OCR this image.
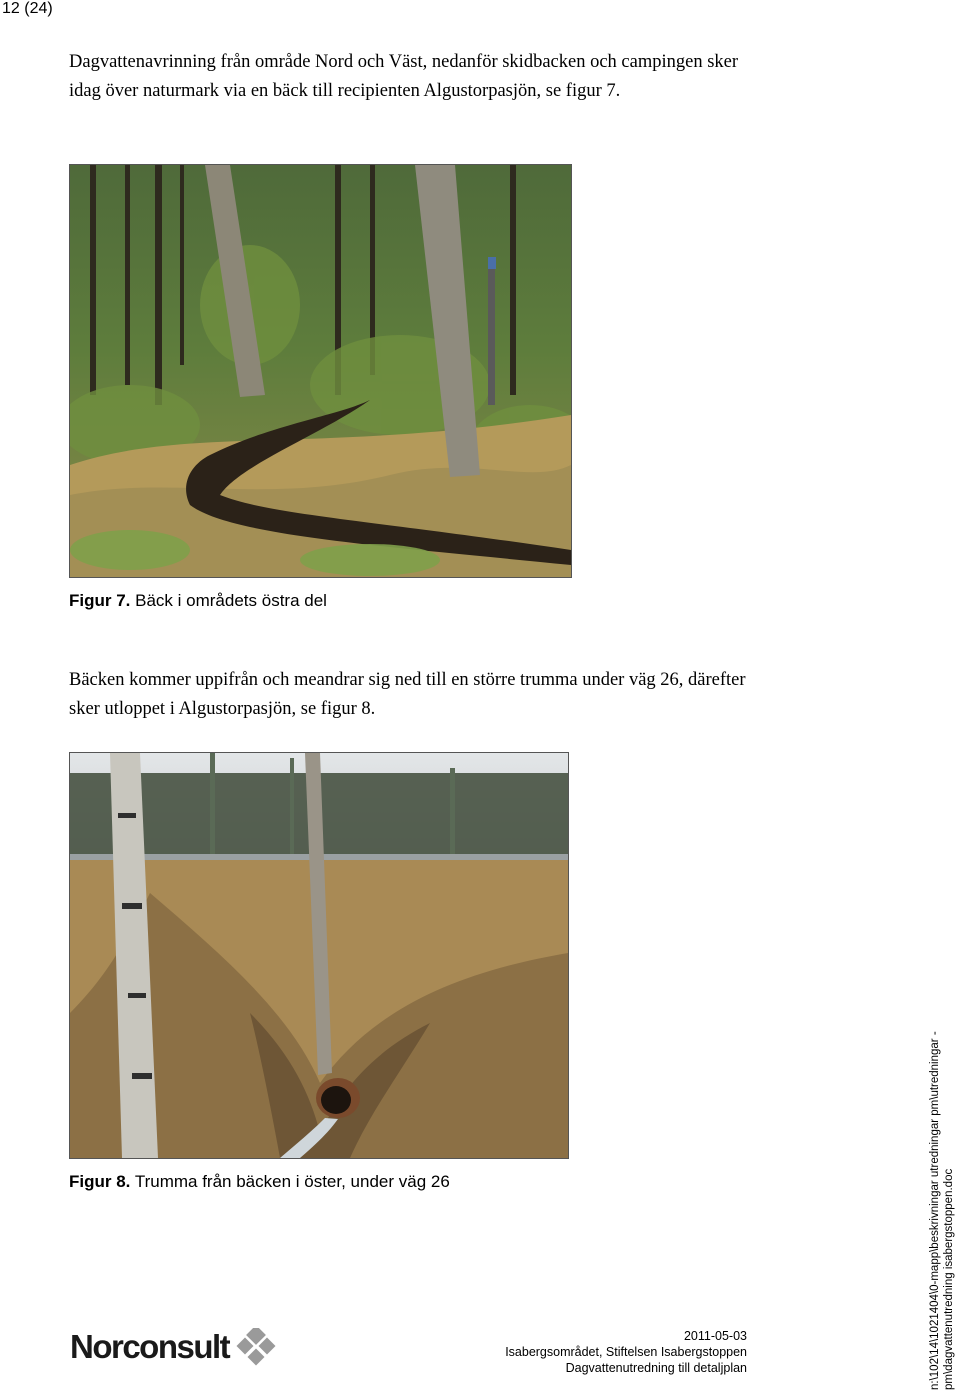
12 (24)

Dagvattenavrinning från område Nord och Väst, nedanför skidbacken och campingen sker idag över naturmark via en bäck till recipienten Algustorpasjön, se figur 7.

Figur 7. Bäck i områdets östra del

Bäcken kommer uppifrån och meandrar sig ned till en större trumma under väg 26, därefter sker utloppet i Algustorpasjön, se figur 8.

Figur 8. Trumma från bäcken i öster, under väg 26
Norconsult	2011-05-03
Isabergsområdet, Stiftelsen Isabergstoppen
Dagvattenutredning till detaljplan	n:\102\14\1021404\0-mapp\beskrivningar utredningar pm\utredningar - pm\dagvattenutredning isabergstoppen.doc
